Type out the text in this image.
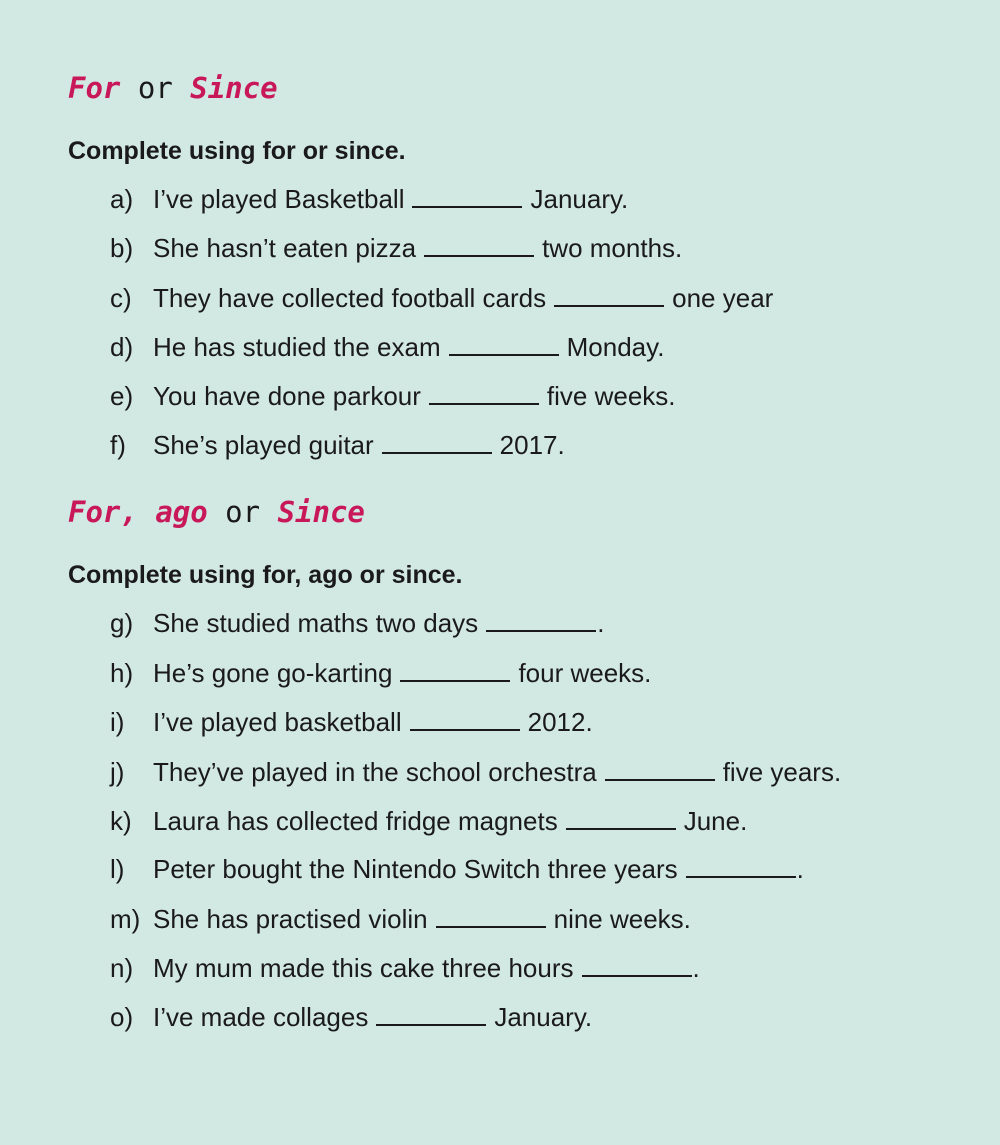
For or Since
Complete using for or since.
a) I’ve played Basketball	January.
b) She hasn’t eaten pizza	two months.
c) They have collected football cards	one year
d) He has studied the exam	Monday.
e) You have done parkour	five weeks.
f) She’s played guitar	2017.
For, ago or Since
Complete using for, ago or since.
g) She studied maths two days	.
h) He’s gone go-karting	four weeks.
i) I’ve played basketball	2012.
j) They’ve played in the school orchestra	five years.
k) Laura has collected fridge magnets	June.
l) Peter bought the Nintendo Switch three years	.
m) She has practised violin	nine weeks.
n) My mum made this cake three hours	.
o) I’ve made collages	January.
